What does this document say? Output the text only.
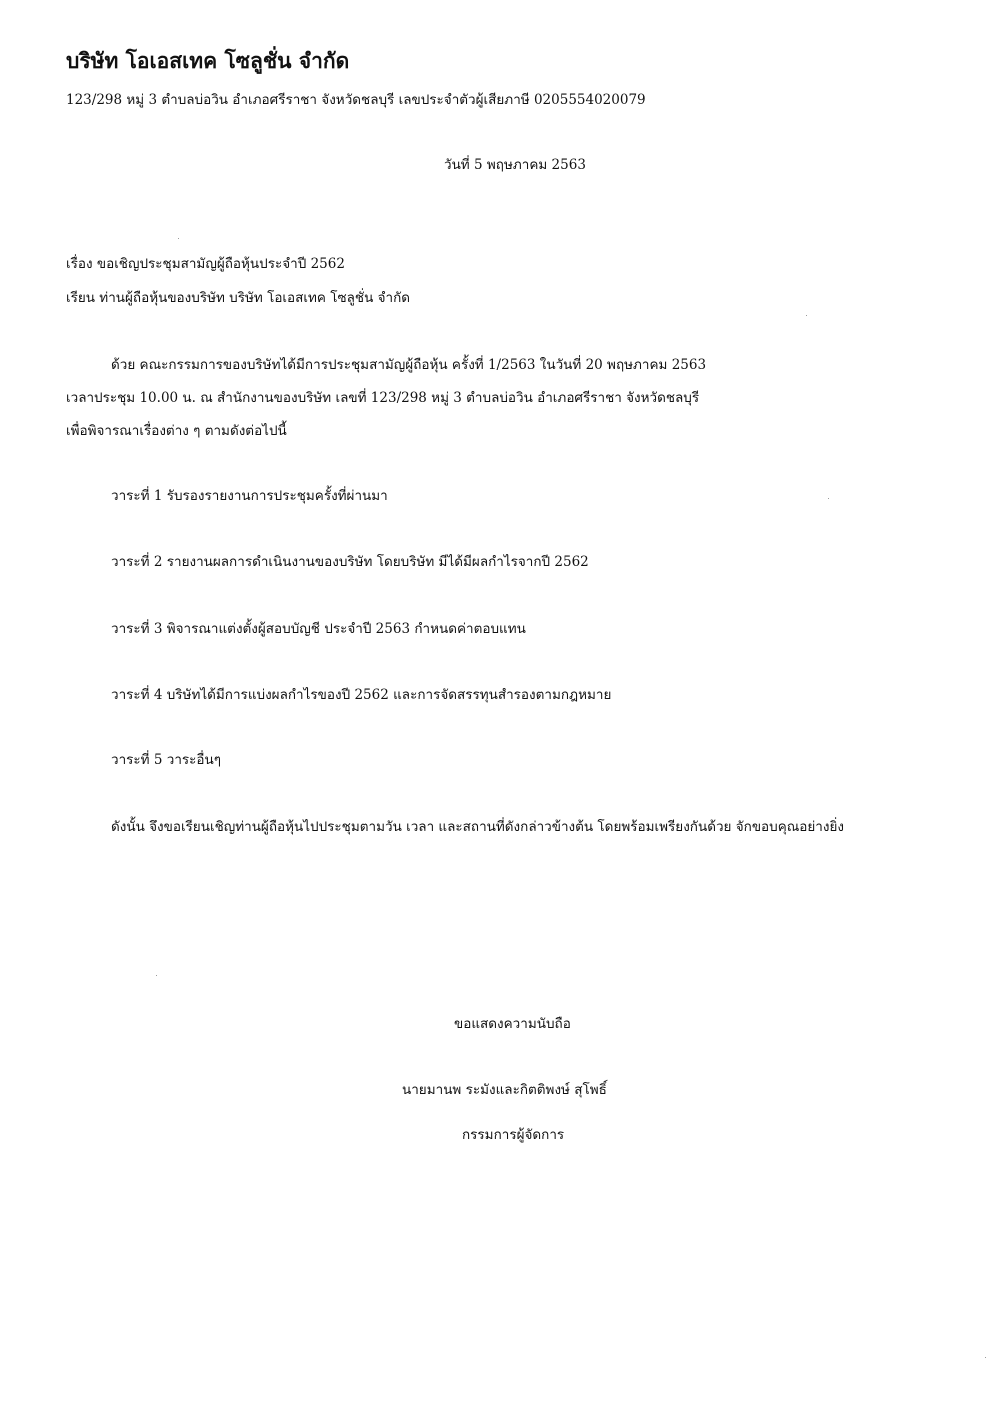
บริษัท โอเอสเทค โซลูชั่น จำกัด
123/298 หมู่ 3 ตำบลบ่อวิน อำเภอศรีราชา จังหวัดชลบุรี เลขประจำตัวผู้เสียภาษี 0205554020079
วันที่ 5 พฤษภาคม 2563
เรื่อง ขอเชิญประชุมสามัญผู้ถือหุ้นประจำปี 2562
เรียน ท่านผู้ถือหุ้นของบริษัท บริษัท โอเอสเทค โซลูชั่น จำกัด
ด้วย คณะกรรมการของบริษัทได้มีการประชุมสามัญผู้ถือหุ้น ครั้งที่ 1/2563 ในวันที่ 20 พฤษภาคม 2563
เวลาประชุม 10.00 น. ณ สำนักงานของบริษัท เลขที่ 123/298 หมู่ 3 ตำบลบ่อวิน อำเภอศรีราชา จังหวัดชลบุรี
เพื่อพิจารณาเรื่องต่าง ๆ ตามดังต่อไปนี้
วาระที่ 1 รับรองรายงานการประชุมครั้งที่ผ่านมา
วาระที่ 2 รายงานผลการดำเนินงานของบริษัท โดยบริษัท มีได้มีผลกำไรจากปี 2562
วาระที่ 3 พิจารณาแต่งตั้งผู้สอบบัญชี ประจำปี 2563 กำหนดค่าตอบแทน
วาระที่ 4 บริษัทได้มีการแบ่งผลกำไรของปี 2562 และการจัดสรรทุนสำรองตามกฎหมาย
วาระที่ 5 วาระอื่นๆ
ดังนั้น จึงขอเรียนเชิญท่านผู้ถือหุ้นไปประชุมตามวัน เวลา และสถานที่ดังกล่าวข้างต้น โดยพร้อมเพรียงกันด้วย จักขอบคุณอย่างยิ่ง
ขอแสดงความนับถือ
นายมานพ ระมังและกิตติพงษ์ สุโพธิ์
กรรมการผู้จัดการ
